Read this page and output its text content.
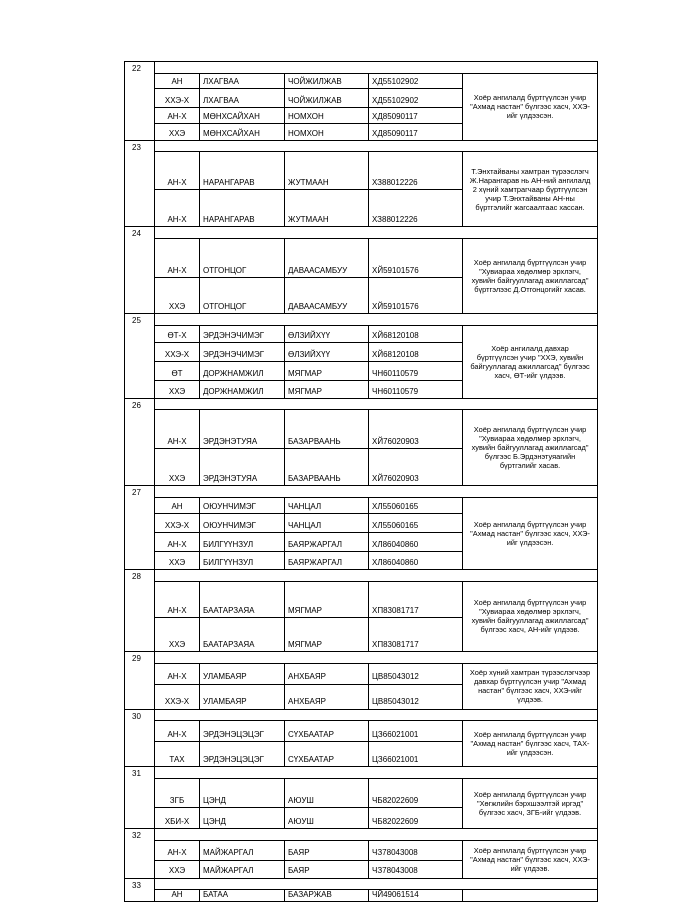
22					
	АН	ЛХАГВАА	ЧОЙЖИЛЖАВ	ХД55102902	Хоёр ангилалд бүртгүүлсэн учир
"Ахмад настан" бүлгээс хасч, ХХЭ-
ийг үлдээсэн.

	ХХЭ-Х	ЛХАГВАА	ЧОЙЖИЛЖАВ	ХД55102902	
	АН-Х	МӨНХСАЙХАН	НОМХОН	ХД85090117	
	ХХЭ	МӨНХСАЙХАН	НОМХОН	ХД85090117	
23					
	АН-Х	НАРАНГАРАВ	ЖУТМААН	ХЗ88012226	Т.Энхтайваны хамтран түрээслэгч
Ж.Нарангарав нь АН-ний ангилалд
2 хүний хамтрагчаар бүртгүүлсэн
учир Т.Энхтайваны АН-ны
бүртгэлийг жагсаалтаас хассан.

	АН-Х	НАРАНГАРАВ	ЖУТМААН	ХЗ88012226	
24					
	АН-Х	ОТГОНЦОГ	ДАВААСАМБУУ	ХЙ59101576	Хоёр ангилалд бүртгүүлсэн учир
"Хувиараа хөдөлмөр эрхлэгч,
хувийн байгууллагад ажиллагсад"
бүртгэлээс Д.Отгонцогийг хасав.

	ХХЭ	ОТГОНЦОГ	ДАВААСАМБУУ	ХЙ59101576	
25					
	ӨТ-Х	ЭРДЭНЭЧИМЭГ	ӨЛЗИЙХҮҮ	ХЙ68120108	Хоёр ангилалд давхар
бүртгүүлсэн учир "ХХЭ, хувийн
байгууллагад ажиллагсад" бүлгээс
хасч, ӨТ-ийг үлдээв.

	ХХЭ-Х	ЭРДЭНЭЧИМЭГ	ӨЛЗИЙХҮҮ	ХЙ68120108	
	ӨТ	ДОРЖНАМЖИЛ	МЯГМАР	ЧН60110579	
	ХХЭ	ДОРЖНАМЖИЛ	МЯГМАР	ЧН60110579	
26					
	АН-Х	ЭРДЭНЭТУЯА	БАЗАРВААНЬ	ХЙ76020903	Хоёр ангилалд бүртгүүлсэн учир
"Хувиараа хөдөлмөр эрхлэгч,
хувийн байгууллагад ажиллагсад"
бүлгээс Б.Эрдэнэтуяагийн
бүртгэлийг хасав.

	ХХЭ	ЭРДЭНЭТУЯА	БАЗАРВААНЬ	ХЙ76020903	
27					
	АН	ОЮУНЧИМЭГ	ЧАНЦАЛ	ХЛ55060165	Хоёр ангилалд бүртгүүлсэн учир
"Ахмад настан" бүлгээс хасч, ХХЭ-
ийг үлдээсэн.

	ХХЭ-Х	ОЮУНЧИМЭГ	ЧАНЦАЛ	ХЛ55060165	
	АН-Х	БИЛГҮҮНЗУЛ	БАЯРЖАРГАЛ	ХЛ86040860	
	ХХЭ	БИЛГҮҮНЗУЛ	БАЯРЖАРГАЛ	ХЛ86040860	
28					
	АН-Х	БААТАРЗАЯА	МЯГМАР	ХП83081717	Хоёр ангилалд бүртгүүлсэн учир
"Хувиараа хөдөлмөр эрхлэгч,
хувийн байгууллагад ажиллагсад"
бүлгээс хасч, АН-ийг үлдээв.

	ХХЭ	БААТАРЗАЯА	МЯГМАР	ХП83081717	
29					
	АН-Х	УЛАМБАЯР	АНХБАЯР	ЦВ85043012	Хоёр хүний хамтран түрээслэгчээр
давхар бүртгүүлсэн учир "Ахмад
настан" бүлгээс хасч, ХХЭ-ийг
үлдээв.

	ХХЭ-Х	УЛАМБАЯР	АНХБАЯР	ЦВ85043012	
30					
	АН-Х	ЭРДЭНЭЦЭЦЭГ	СҮХБААТАР	ЦЗ66021001	Хоёр ангилалд бүртгүүлсэн учир
"Ахмад настан" бүлгээс хасч, ТАХ-
ийг үлдээсэн.

	ТАХ	ЭРДЭНЭЦЭЦЭГ	СҮХБААТАР	ЦЗ66021001	
31					
	ЗГБ	ЦЭНД	АЮУШ	ЧБ82022609	Хоёр ангилалд бүртгүүлсэн учир
"Хөгжлийн бэрхшээлтэй иргэд"
бүлгээс хасч, ЗГБ-ийг үлдээв.

	ХБИ-Х	ЦЭНД	АЮУШ	ЧБ82022609	
32					
	АН-Х	МАЙЖАРГАЛ	БАЯР	ЧЗ78043008	Хоёр ангилалд бүртгүүлсэн учир
"Ахмад настан" бүлгээс хасч, ХХЭ-
ийг үлдээв.

	ХХЭ	МАЙЖАРГАЛ	БАЯР	ЧЗ78043008	
33					
	АН	БАТАА	БАЗАРЖАВ	ЧЙ49061514	
